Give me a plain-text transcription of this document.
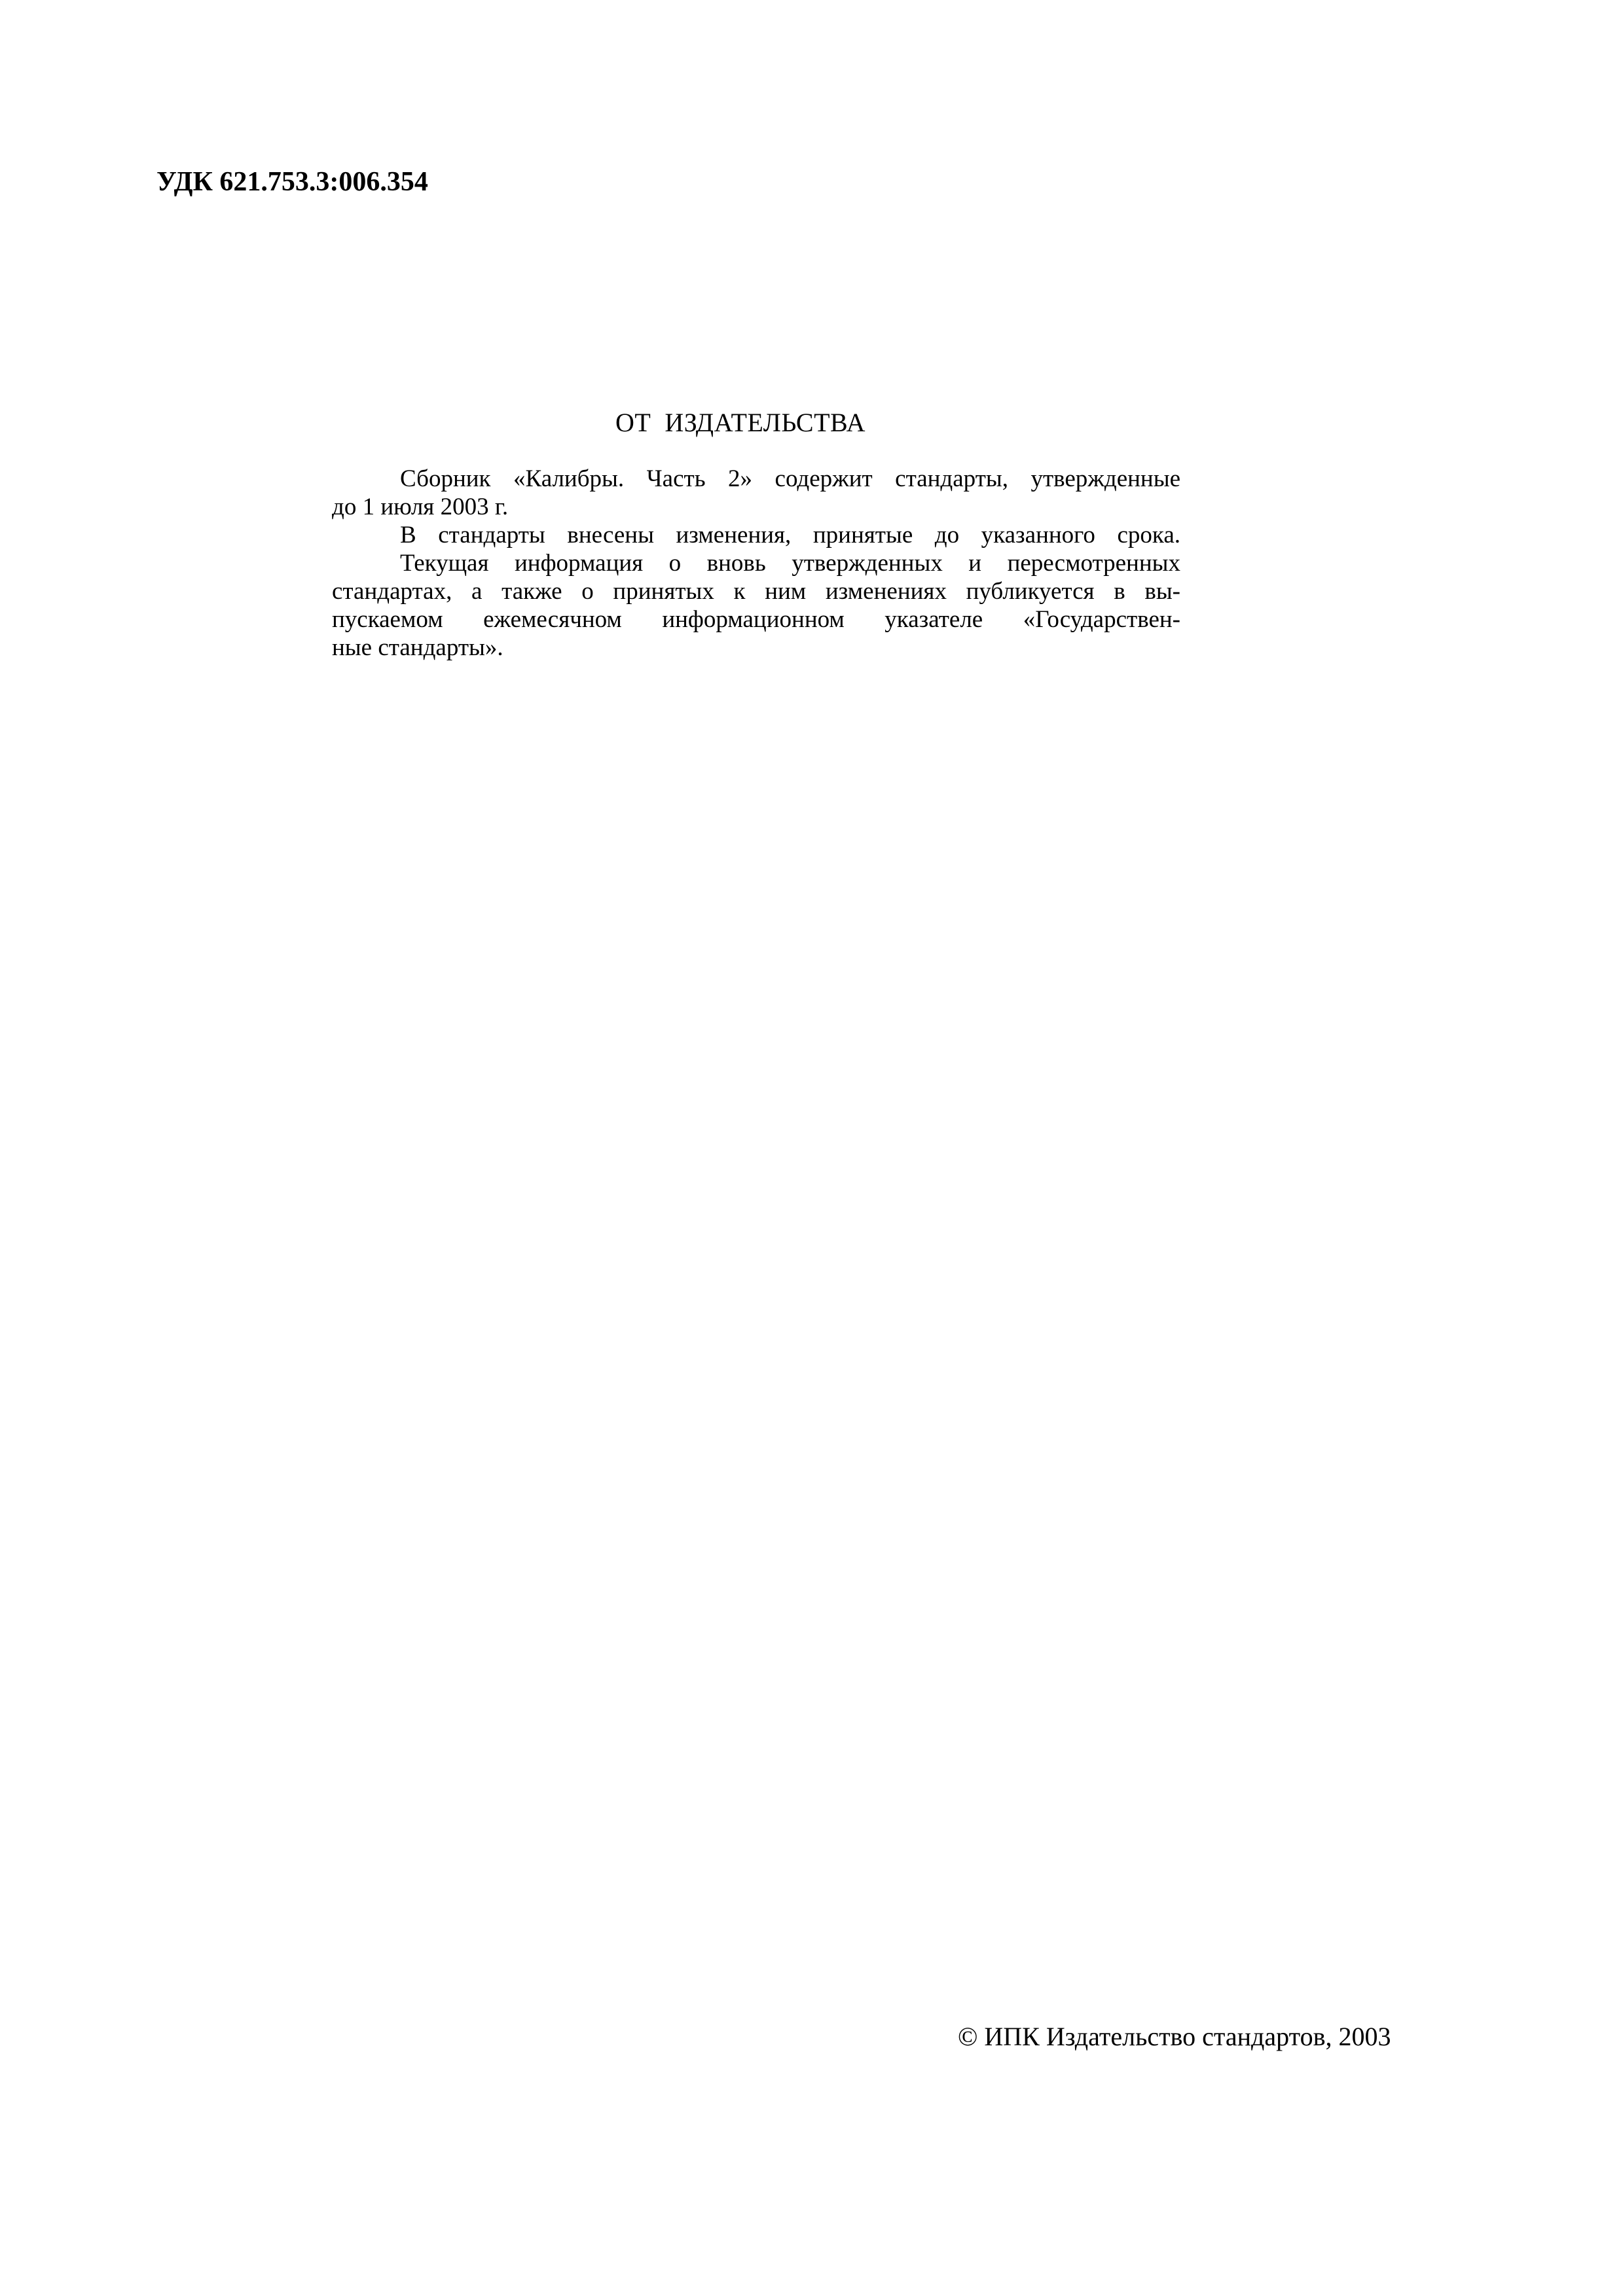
УДК 621.753.3:006.354
ОТ  ИЗДАТЕЛЬСТВА
Сборник «Калибры. Часть 2» содержит стандарты, утвержденные
до 1 июля 2003 г.
В стандарты внесены изменения, принятые до указанного срока.
Текущая информация о вновь утвержденных и пересмотренных
стандартах, а также о принятых к ним изменениях публикуется в вы-
пускаемом ежемесячном информационном указателе «Государствен-
ные стандарты».
© ИПК Издательство стандартов, 2003
